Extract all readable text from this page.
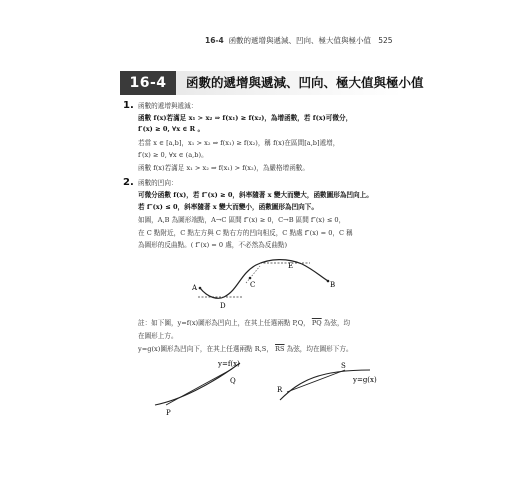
16-4 函數的遞增與遞減、凹向、極大值與極小值 525
16-4	函數的遞增與遞減、凹向、極大值與極小值
1. 函數的遞增與遞減：
函數 f(x)若滿足 x₁ > x₂ ⇒ f(x₁) ≥ f(x₂)，為增函數，若 f(x)可微分，
f′(x) ≥ 0, ∀x ∈ R 。
若當 x ∈ [a,b]，x₁ > x₂ ⇒ f(x₁) ≥ f(x₂)，稱 f(x)在區間[a,b]遞增，
f′(x) ≥ 0, ∀x ∈ (a,b)。
函數 f(x)若滿足 x₁ > x₂ ⇒ f(x₁) > f(x₂)，為嚴格增函數。
2. 函數的凹向：
可微分函數 f(x)，若 f″(x) ≥ 0，斜率隨著 x 變大而變大，函數圖形為凹向上。
若 f″(x) ≤ 0，斜率隨著 x 變大而變小，函數圖形為凹向下。
如圖，A,B 為圖形端點，A→C 區間 f″(x) ≥ 0，C→B 區間 f″(x) ≤ 0，
在 C 點附近，C 點左方與 C 點右方的凹向相反，C 點處 f″(x) = 0，C 稱
為圖形的反曲點。( f″(x) = 0 處，不必然為反曲點)
A	B
C
D
E
註：如下圖，y=f(x)圖形為凹向上，在其上任選兩點 P,Q， $\overline{PQ}$ 為弦，均
在圖形上方。
y=g(x)圖形為凹向下，在其上任選兩點 R,S， $\overline{RS}$ 為弦，均在圖形下方。
y=f(x)
P
Q
S
R
y=g(x)
